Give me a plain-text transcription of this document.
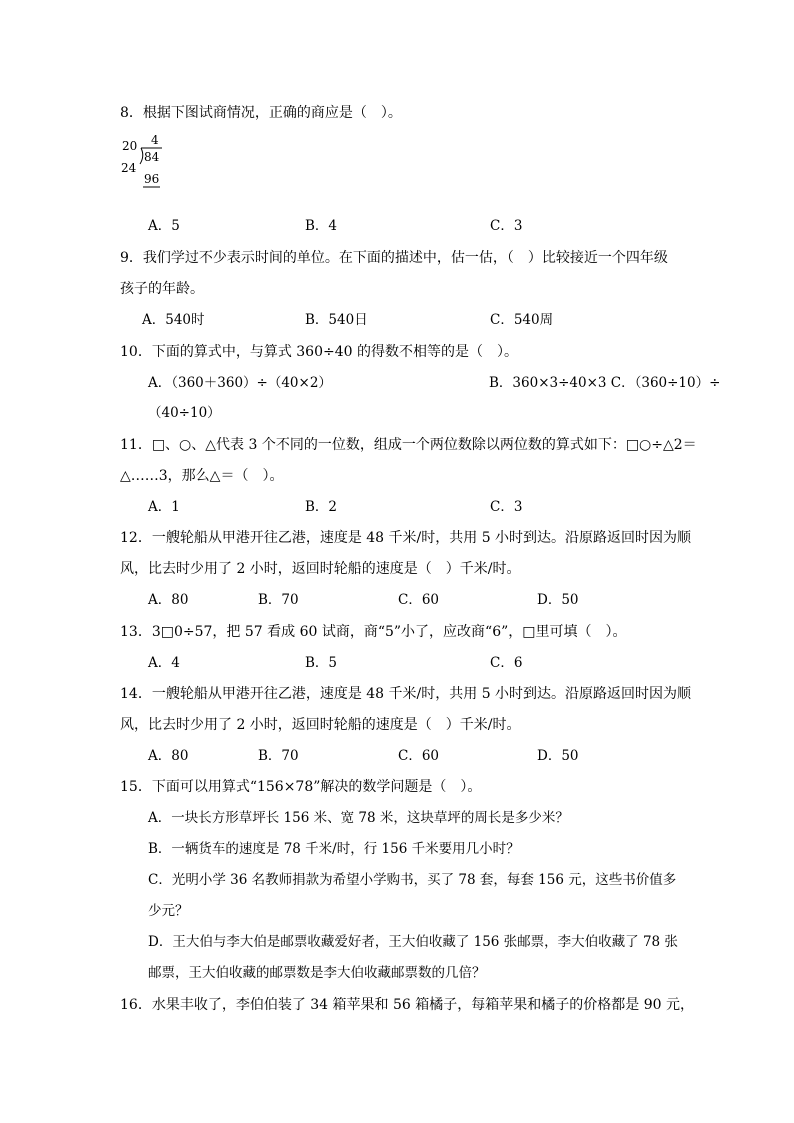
8．根据下图试商情况，正确的商应是（　）。
20 4
24
84
96
A．5	B．4	C．3
9．我们学过不少表示时间的单位。在下面的描述中，估一估，（　）比较接近一个四年级
孩子的年龄。
A．540时	B．540日	C．540周
10．下面的算式中，与算式 360÷40 的得数不相等的是（　）。
A．（360＋360）÷（40×2）	B．360×3÷40×3 C．（360÷10）÷
（40÷10）
11．□、○、△代表 3 个不同的一位数，组成一个两位数除以两位数的算式如下：□○÷△2＝
△……3，那么△＝（　）。
A．1	B．2	C．3
12．一艘轮船从甲港开往乙港，速度是 48 千米/时，共用 5 小时到达。沿原路返回时因为顺
风，比去时少用了 2 小时，返回时轮船的速度是（　）千米/时。
A．80	B．70	C．60	D．50
13．3□0÷57，把 57 看成 60 试商，商“5”小了，应改商“6”，□里可填（　）。
A．4	B．5	C．6
14．一艘轮船从甲港开往乙港，速度是 48 千米/时，共用 5 小时到达。沿原路返回时因为顺
风，比去时少用了 2 小时，返回时轮船的速度是（　）千米/时。
A．80	B．70	C．60	D．50
15．下面可以用算式“156×78”解决的数学问题是（　）。
A．一块长方形草坪长 156 米、宽 78 米，这块草坪的周长是多少米？
B．一辆货车的速度是 78 千米/时，行 156 千米要用几小时？
C．光明小学 36 名教师捐款为希望小学购书，买了 78 套，每套 156 元，这些书价值多
少元？
D．王大伯与李大伯是邮票收藏爱好者，王大伯收藏了 156 张邮票，李大伯收藏了 78 张
邮票，王大伯收藏的邮票数是李大伯收藏邮票数的几倍？
16．水果丰收了，李伯伯装了 34 箱苹果和 56 箱橘子，每箱苹果和橘子的价格都是 90 元，
